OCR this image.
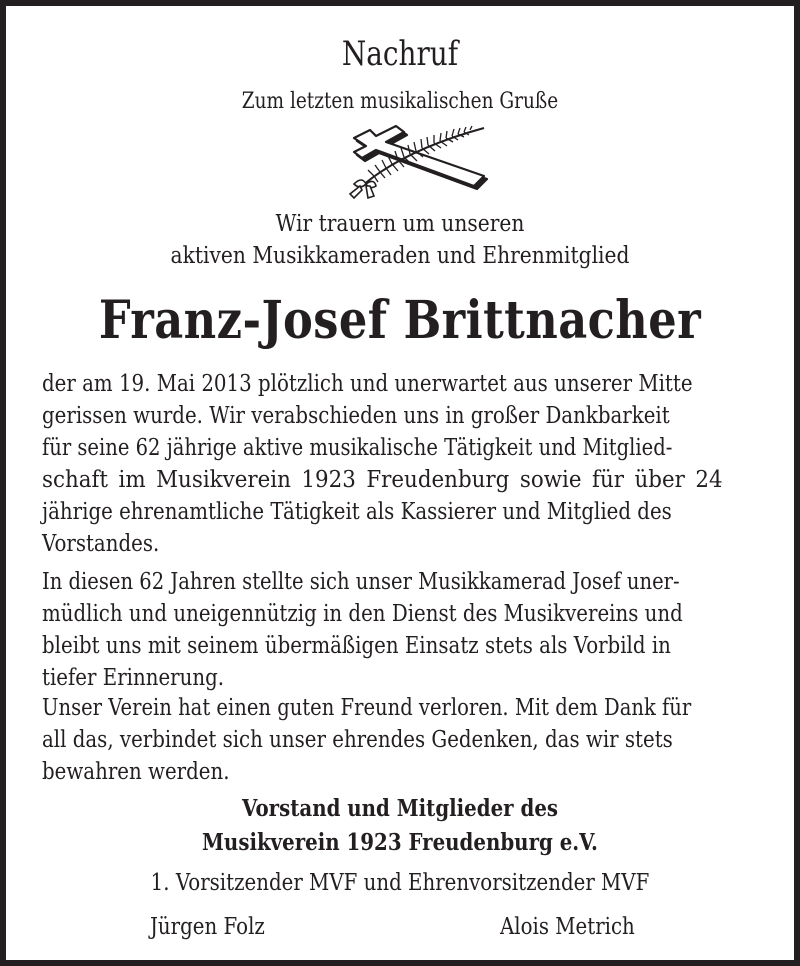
Nachruf
Zum letzten musikalischen Gruße
Wir trauern um unseren
aktiven Musikkameraden und Ehrenmitglied
Franz-Josef Brittnacher
der am 19. Mai 2013 plötzlich und unerwartet aus unserer Mitte
gerissen wurde. Wir verabschieden uns in großer Dankbarkeit
für seine 62 jährige aktive musikalische Tätigkeit und Mitglied-
schaft im Musikverein 1923 Freudenburg sowie für über 24
jährige ehrenamtliche Tätigkeit als Kassierer und Mitglied des
Vorstandes.
In diesen 62 Jahren stellte sich unser Musikkamerad Josef uner-
müdlich und uneigennützig in den Dienst des Musikvereins und
bleibt uns mit seinem übermäßigen Einsatz stets als Vorbild in
tiefer Erinnerung.
Unser Verein hat einen guten Freund verloren. Mit dem Dank für
all das, verbindet sich unser ehrendes Gedenken, das wir stets
bewahren werden.
Vorstand und Mitglieder des
Musikverein 1923 Freudenburg e.V.
1. Vorsitzender MVF und Ehrenvorsitzender MVF
Jürgen Folz	Alois Metrich
